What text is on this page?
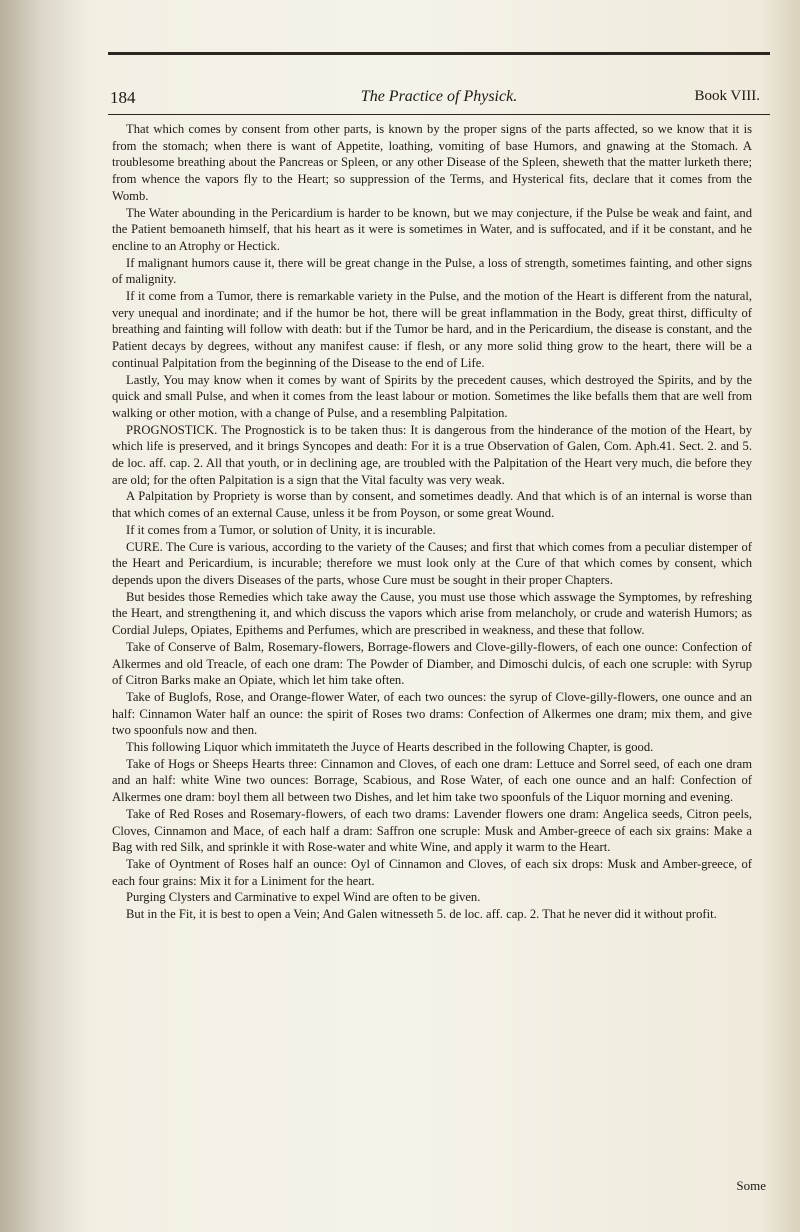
184	The Practice of Physick.	Book VIII.

That which comes by consent from other parts, is known by the proper signs of the parts affected, so we know that it is from the stomach; when there is want of Appetite, loathing, vomiting of base Humors, and gnawing at the Stomach. A troublesome breathing about the Pancreas or Spleen, or any other Disease of the Spleen, sheweth that the matter lurketh there; from whence the vapors fly to the Heart; so suppression of the Terms, and Hysterical fits, declare that it comes from the Womb.

The Water abounding in the Pericardium is harder to be known, but we may conjecture, if the Pulse be weak and faint, and the Patient bemoaneth himself, that his heart as it were is sometimes in Water, and is suffocated, and if it be constant, and he encline to an Atrophy or Hectick.

If malignant humors cause it, there will be great change in the Pulse, a loss of strength, sometimes fainting, and other signs of malignity.

If it come from a Tumor, there is remarkable variety in the Pulse, and the motion of the Heart is different from the natural, very unequal and inordinate; and if the humor be hot, there will be great inflammation in the Body, great thirst, difficulty of breathing and fainting will follow with death: but if the Tumor be hard, and in the Pericardium, the disease is constant, and the Patient decays by degrees, without any manifest cause: if flesh, or any more solid thing grow to the heart, there will be a continual Palpitation from the beginning of the Disease to the end of Life.

Lastly, You may know when it comes by want of Spirits by the precedent causes, which destroyed the Spirits, and by the quick and small Pulse, and when it comes from the least labour or motion. Sometimes the like befalls them that are well from walking or other motion, with a change of Pulse, and a resembling Palpitation.

PROGNOSTICK. The Prognostick is to be taken thus: It is dangerous from the hinderance of the motion of the Heart, by which life is preserved, and it brings Syncopes and death: For it is a true Observation of Galen, Com. Aph.41. Sect. 2. and 5. de loc. aff. cap. 2. All that youth, or in declining age, are troubled with the Palpitation of the Heart very much, die before they are old; for the often Palpitation is a sign that the Vital faculty was very weak.

A Palpitation by Propriety is worse than by consent, and sometimes deadly. And that which is of an internal is worse than that which comes of an external Cause, unless it be from Poyson, or some great Wound.

If it comes from a Tumor, or solution of Unity, it is incurable.

CURE. The Cure is various, according to the variety of the Causes; and first that which comes from a peculiar distemper of the Heart and Pericardium, is incurable; therefore we must look only at the Cure of that which comes by consent, which depends upon the divers Diseases of the parts, whose Cure must be sought in their proper Chapters.

But besides those Remedies which take away the Cause, you must use those which asswage the Symptomes, by refreshing the Heart, and strengthening it, and which discuss the vapors which arise from melancholy, or crude and waterish Humors; as Cordial Juleps, Opiates, Epithems and Perfumes, which are prescribed in weakness, and these that follow.

Take of Conserve of Balm, Rosemary-flowers, Borrage-flowers and Clove-gilly-flowers, of each one ounce: Confection of Alkermes and old Treacle, of each one dram: The Powder of Diamber, and Dimoschi dulcis, of each one scruple: with Syrup of Citron Barks make an Opiate, which let him take often.

Take of Buglofs, Rose, and Orange-flower Water, of each two ounces: the syrup of Clove-gilly-flowers, one ounce and an half: Cinnamon Water half an ounce: the spirit of Roses two drams: Confection of Alkermes one dram; mix them, and give two spoonfuls now and then.

This following Liquor which immitateth the Juyce of Hearts described in the following Chapter, is good.

Take of Hogs or Sheeps Hearts three: Cinnamon and Cloves, of each one dram: Lettuce and Sorrel seed, of each one dram and an half: white Wine two ounces: Borrage, Scabious, and Rose Water, of each one ounce and an half: Confection of Alkermes one dram: boyl them all between two Dishes, and let him take two spoonfuls of the Liquor morning and evening.

Take of Red Roses and Rosemary-flowers, of each two drams: Lavender flowers one dram: Angelica seeds, Citron peels, Cloves, Cinnamon and Mace, of each half a dram: Saffron one scruple: Musk and Amber-greece of each six grains: Make a Bag with red Silk, and sprinkle it with Rose-water and white Wine, and apply it warm to the Heart.

Take of Oyntment of Roses half an ounce: Oyl of Cinnamon and Cloves, of each six drops: Musk and Amber-greece, of each four grains: Mix it for a Liniment for the heart.

Purging Clysters and Carminative to expel Wind are often to be given.

But in the Fit, it is best to open a Vein; And Galen witnesseth 5. de loc. aff. cap. 2. That he never did it without profit.

Some
